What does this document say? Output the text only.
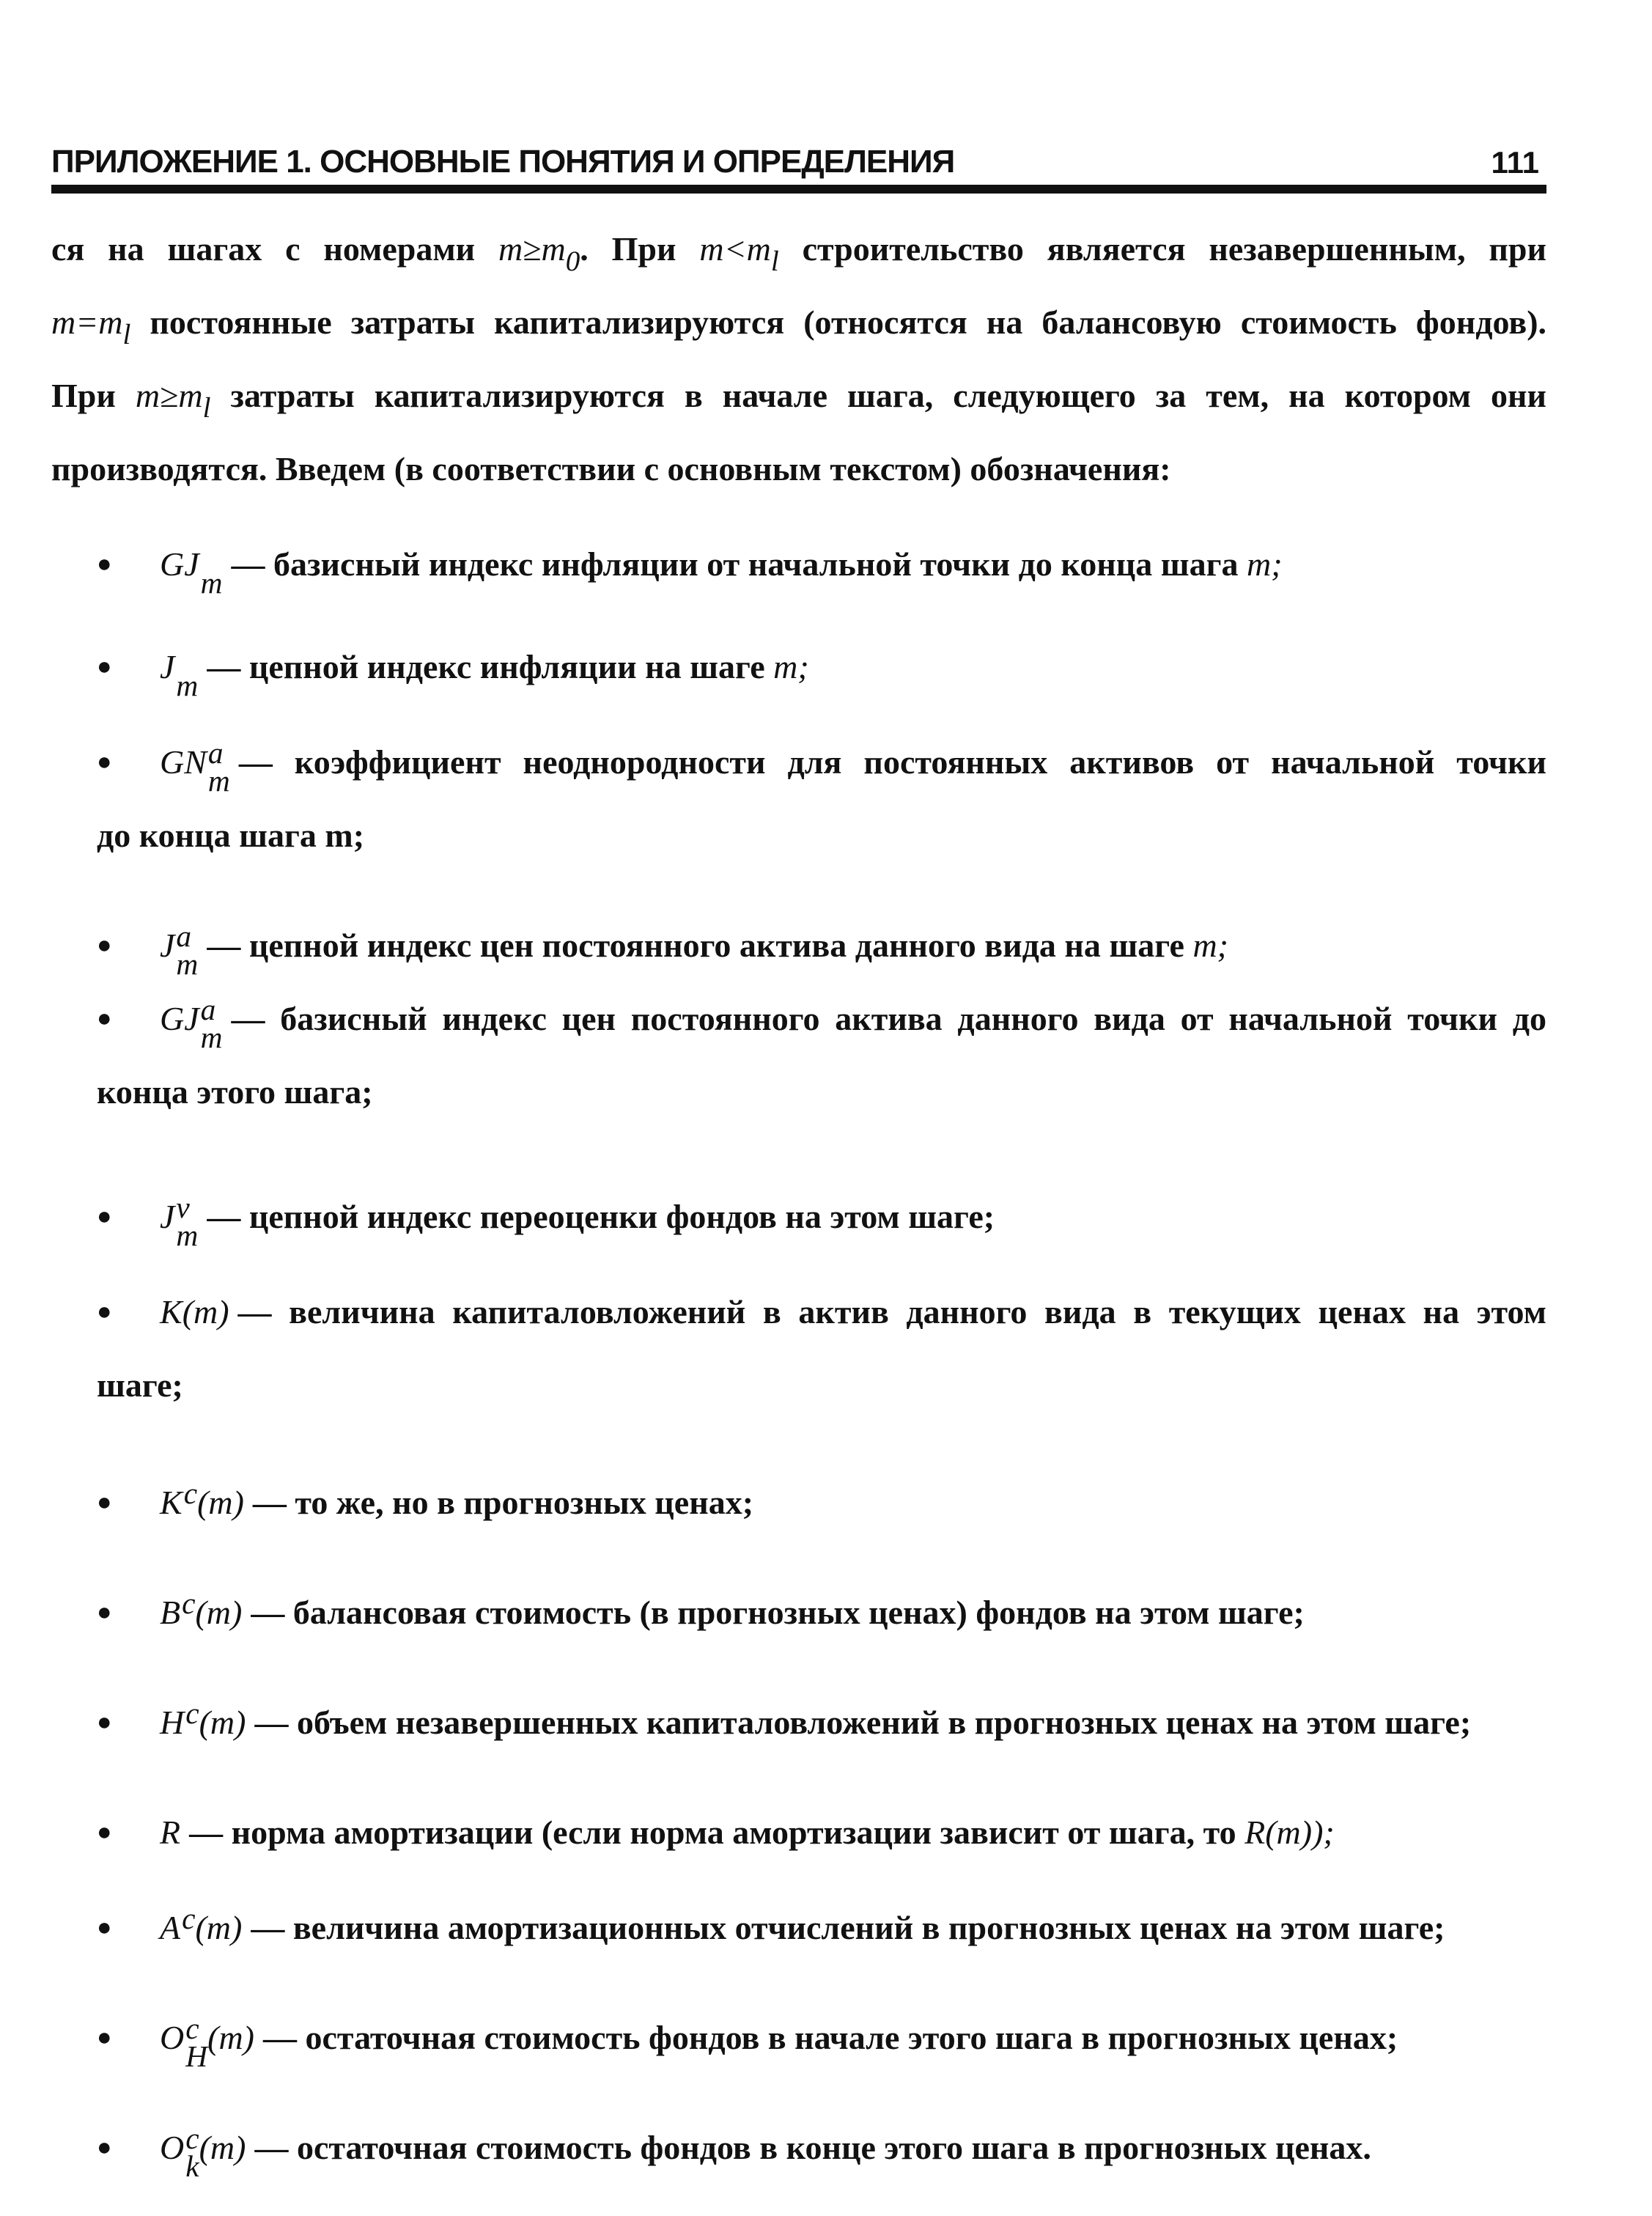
ПРИЛОЖЕНИЕ 1. ОСНОВНЫЕ ПОНЯТИЯ И ОПРЕДЕЛЕНИЯ	111
ся на шагах с номерами $m\ge m_0$. При $m<m_l$ строительство является незавершенным, при
$m=m_l$ постоянные затраты капитализируются (относятся на балансовую стоимость фондов).
При $m\ge m_l$ затраты капитализируются в начале шага, следующего за тем, на котором они
производятся. Введем (в соответствии с основным текстом) обозначения:
● GJ
m — базисный индекс инфляции от начальной точки до конца шага m;
● J
m — цепной индекс инфляции на шаге m;
● GN a
m — коэффициент неоднородности для постоянных активов от начальной точки
до конца шага m;
● J a
m — цепной индекс цен постоянного актива данного вида на шаге m;
● GJ a
m — базисный индекс цен постоянного актива данного вида от начальной точки до
конца этого шага;
● J v
m — цепной индекс переоценки фондов на этом шаге;
● K(m) — величина капиталовложений в актив данного вида в текущих ценах на этом
шаге;
● K c
(m) — то же, но в прогнозных ценах;
● B c
(m) — балансовая стоимость (в прогнозных ценах) фондов на этом шаге;
● H c
(m) — объем незавершенных капиталовложений в прогнозных ценах на этом шаге;
● R — норма амортизации (если норма амортизации зависит от шага, то R(m));
● A c
(m) — величина амортизационных отчислений в прогнозных ценах на этом шаге;
● O c
H (m) — остаточная стоимость фондов в начале этого шага в прогнозных ценах;
● O c
k (m) — остаточная стоимость фондов в конце этого шага в прогнозных ценах.
